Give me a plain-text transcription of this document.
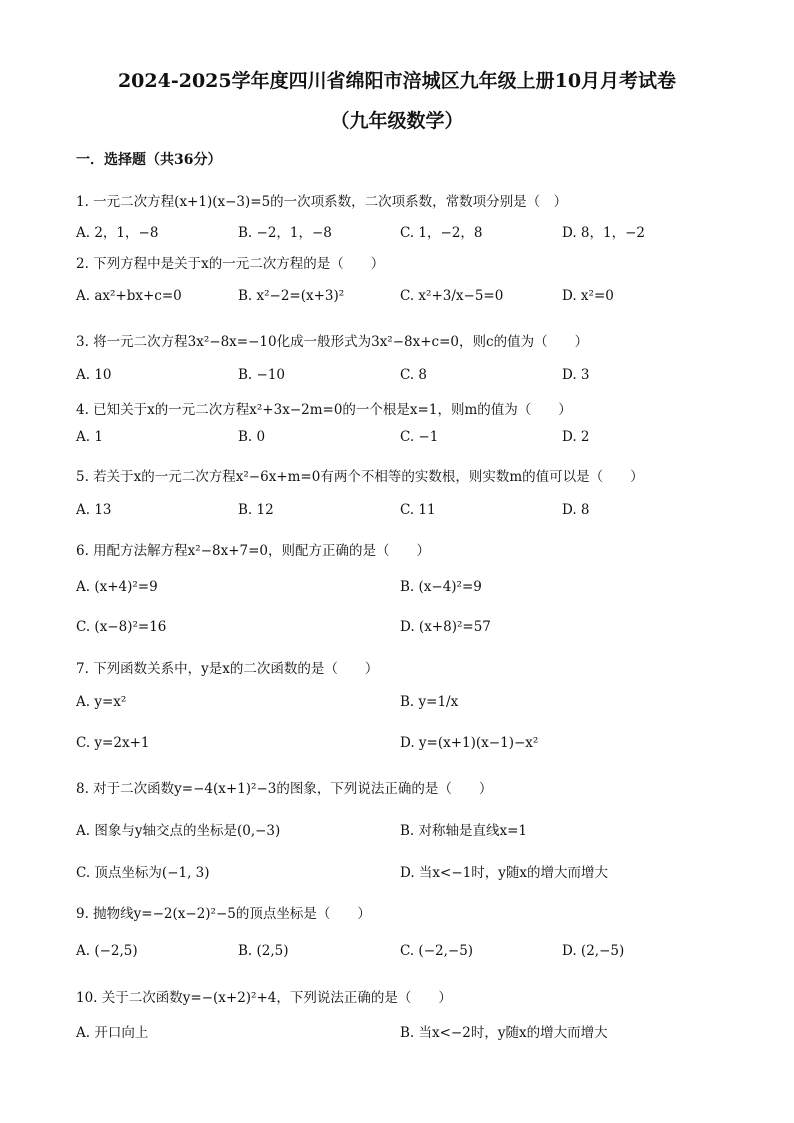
2024-2025学年度四川省绵阳市涪城区九年级上册10月月考试卷
（九年级数学）
一．选择题（共36分）
1. 一元二次方程(x+1)(x−3)=5的一次项系数，二次项系数，常数项分别是（　）
A. 2，1，−8	B. −2，1，−8	C. 1，−2，8	D. 8，1，−2
2. 下列方程中是关于x的一元二次方程的是（　　）
A. ax²+bx+c=0	B. x²−2=(x+3)²	C. x²+3/x−5=0	D. x²=0
3. 将一元二次方程3x²−8x=−10化成一般形式为3x²−8x+c=0，则c的值为（　　）
A. 10	B. −10	C. 8	D. 3
4. 已知关于x的一元二次方程x²+3x−2m=0的一个根是x=1，则m的值为（　　）
A. 1	B. 0	C. −1	D. 2
5. 若关于x的一元二次方程x²−6x+m=0有两个不相等的实数根，则实数m的值可以是（　　）
A. 13	B. 12	C. 11	D. 8
6. 用配方法解方程x²−8x+7=0，则配方正确的是（　　）
A. (x+4)²=9	B. (x−4)²=9
C. (x−8)²=16	D. (x+8)²=57
7. 下列函数关系中，y是x的二次函数的是（　　）
A. y=x²	B. y=1/x
C. y=2x+1	D. y=(x+1)(x−1)−x²
8. 对于二次函数y=−4(x+1)²−3的图象，下列说法正确的是（　　）
A. 图象与y轴交点的坐标是(0,−3)	B. 对称轴是直线x=1
C. 顶点坐标为(−1, 3)	D. 当x<−1时，y随x的增大而增大
9. 抛物线y=−2(x−2)²−5的顶点坐标是（　　）
A. (−2,5)	B. (2,5)	C. (−2,−5)	D. (2,−5)
10. 关于二次函数y=−(x+2)²+4，下列说法正确的是（　　）
A. 开口向上	B. 当x<−2时，y随x的增大而增大
